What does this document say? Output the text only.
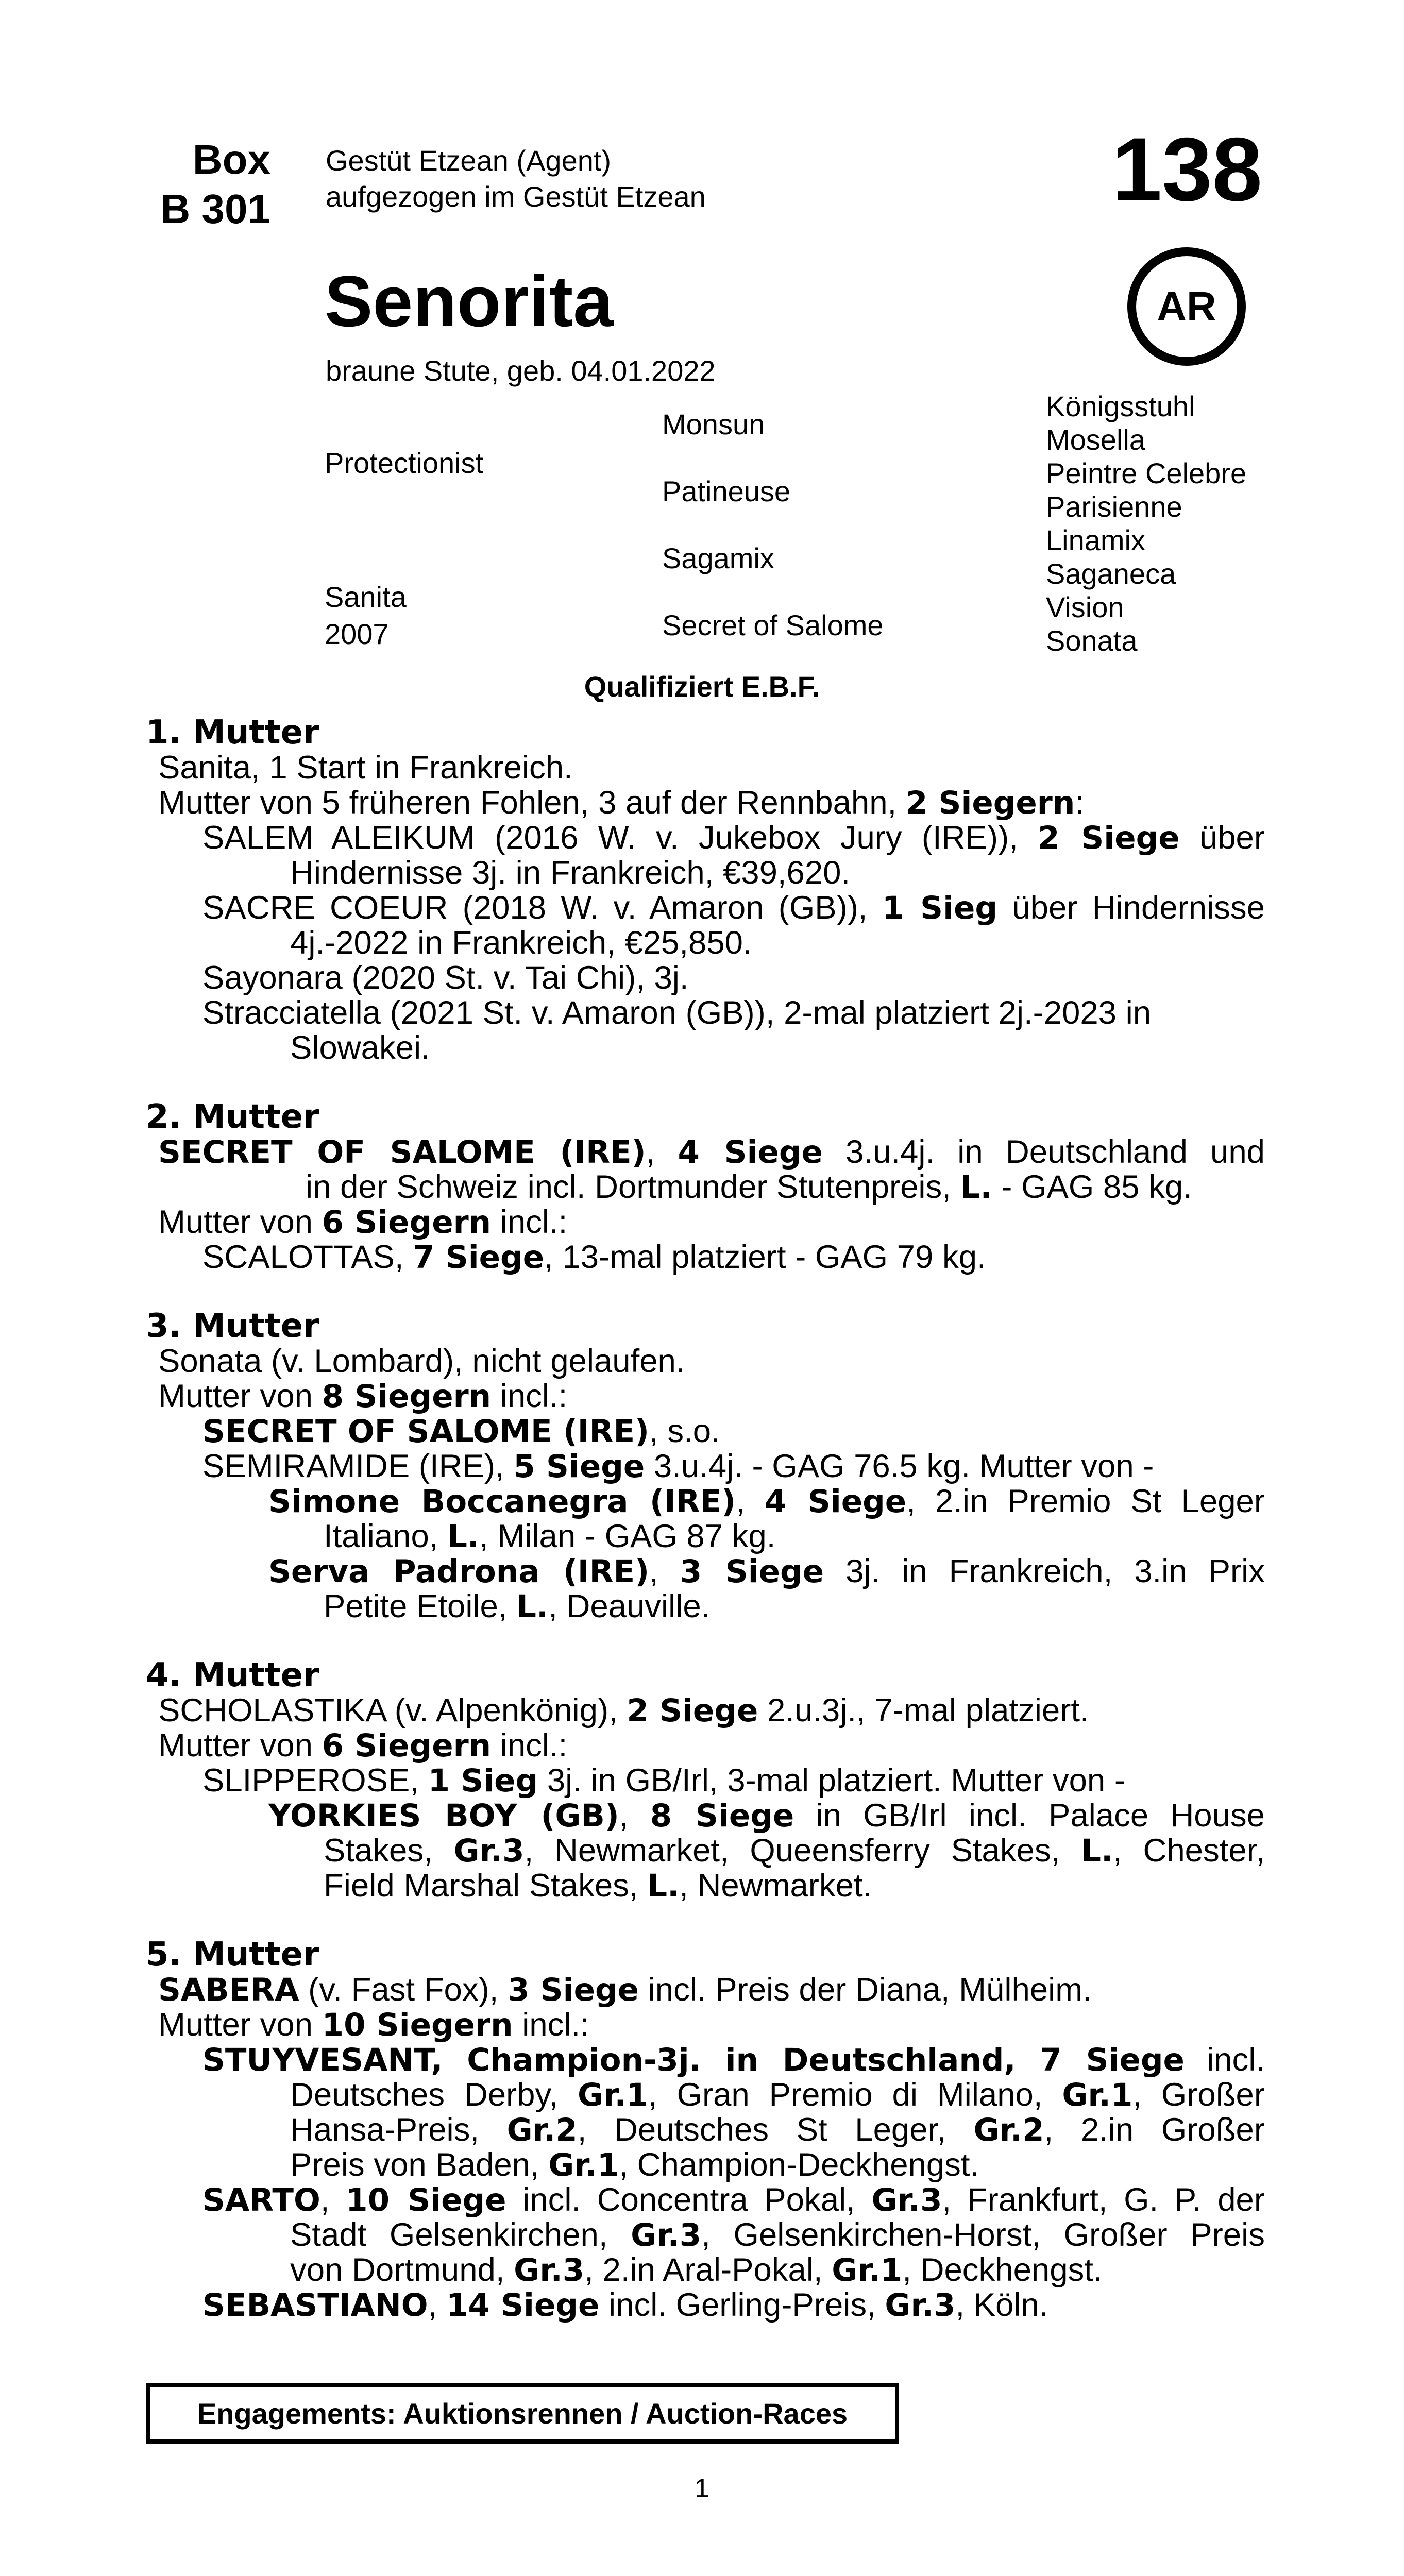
Box
B 301
Gestüt Etzean (Agent)
aufgezogen im Gestüt Etzean	138
Senorita	AR
braune Stute, geb. 04.01.2022
Protectionist
Sanita
2007
Monsun
Patineuse
Sagamix
Secret of Salome
Königsstuhl
Mosella
Peintre Celebre
Parisienne
Linamix
Saganeca
Vision
Sonata
Qualifiziert E.B.F.
1. Mutter
Sanita, 1 Start in Frankreich.
Mutter von 5 früheren Fohlen, 3 auf der Rennbahn, 2 Siegern:
SALEM ALEIKUM (2016 W. v. Jukebox Jury (IRE)), 2 Siege über
Hindernisse 3j. in Frankreich, €39,620.
SACRE COEUR (2018 W. v. Amaron (GB)), 1 Sieg über Hindernisse
4j.-2022 in Frankreich, €25,850.
Sayonara (2020 St. v. Tai Chi), 3j.
Stracciatella (2021 St. v. Amaron (GB)), 2-mal platziert 2j.-2023 in
Slowakei.
2. Mutter
SECRET OF SALOME (IRE), 4 Siege 3.u.4j. in Deutschland und
in der Schweiz incl. Dortmunder Stutenpreis, L. - GAG 85 kg.
Mutter von 6 Siegern incl.:
SCALOTTAS, 7 Siege, 13-mal platziert - GAG 79 kg.
3. Mutter
Sonata (v. Lombard), nicht gelaufen.
Mutter von 8 Siegern incl.:
SECRET OF SALOME (IRE), s.o.
SEMIRAMIDE (IRE), 5 Siege 3.u.4j. - GAG 76.5 kg. Mutter von -
Simone Boccanegra (IRE), 4 Siege, 2.in Premio St Leger
Italiano, L., Milan - GAG 87 kg.
Serva Padrona (IRE), 3 Siege 3j. in Frankreich, 3.in Prix
Petite Etoile, L., Deauville.
4. Mutter
SCHOLASTIKA (v. Alpenkönig), 2 Siege 2.u.3j., 7-mal platziert.
Mutter von 6 Siegern incl.:
SLIPPEROSE, 1 Sieg 3j. in GB/Irl, 3-mal platziert. Mutter von -
YORKIES BOY (GB), 8 Siege in GB/Irl incl. Palace House
Stakes, Gr.3, Newmarket, Queensferry Stakes, L., Chester,
Field Marshal Stakes, L., Newmarket.
5. Mutter
SABERA (v. Fast Fox), 3 Siege incl. Preis der Diana, Mülheim.
Mutter von 10 Siegern incl.:
STUYVESANT, Champion-3j. in Deutschland, 7 Siege incl.
Deutsches Derby, Gr.1, Gran Premio di Milano, Gr.1, Großer
Hansa-Preis, Gr.2, Deutsches St Leger, Gr.2, 2.in Großer
Preis von Baden, Gr.1, Champion-Deckhengst.
SARTO, 10 Siege incl. Concentra Pokal, Gr.3, Frankfurt, G. P. der
Stadt Gelsenkirchen, Gr.3, Gelsenkirchen-Horst, Großer Preis
von Dortmund, Gr.3, 2.in Aral-Pokal, Gr.1, Deckhengst.
SEBASTIANO, 14 Siege incl. Gerling-Preis, Gr.3, Köln.
Engagements: Auktionsrennen / Auction-Races
1
